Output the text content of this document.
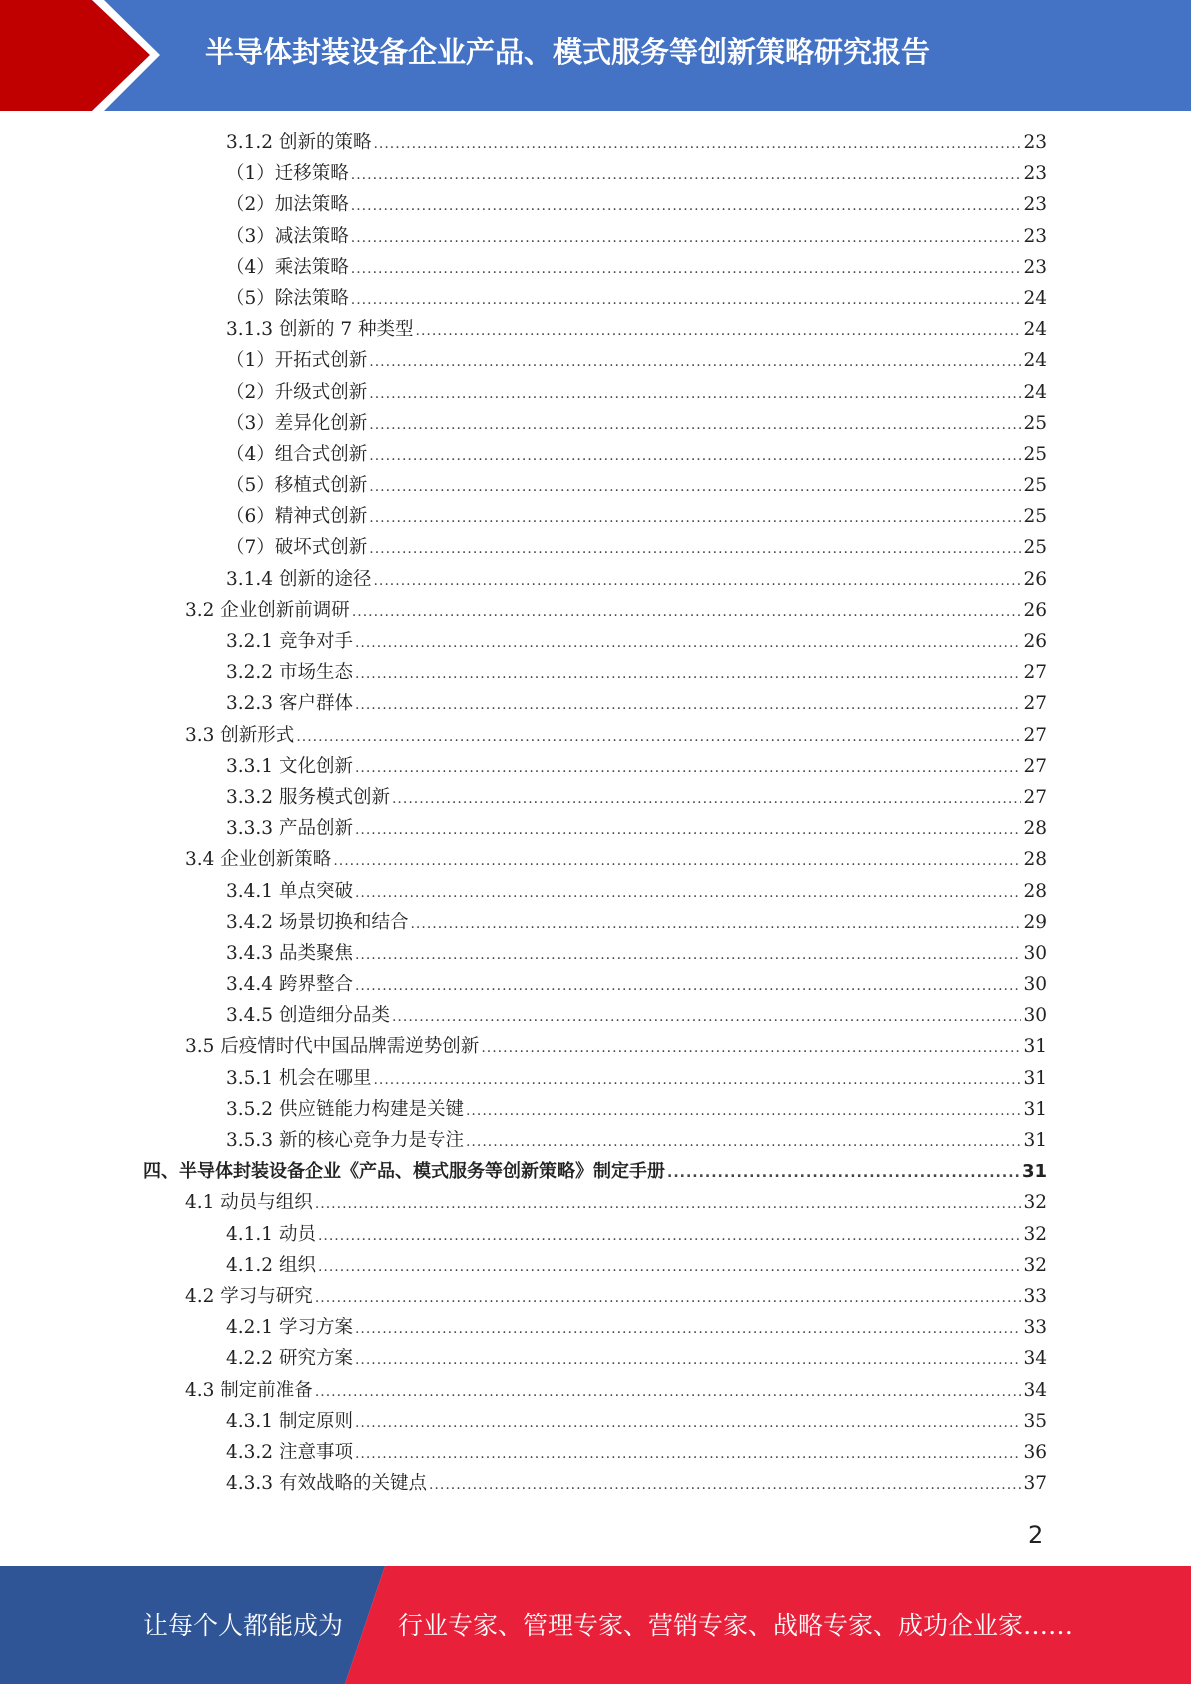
半导体封装设备企业产品、模式服务等创新策略研究报告
3.1.2 创新的策略 .....	23
（1）迁移策略 .....	23
（2）加法策略 .....	23
（3）减法策略 .....	23
（4）乘法策略 .....	23
（5）除法策略 .....	24
3.1.3 创新的 7 种类型 .....	24
（1）开拓式创新 .....	24
（2）升级式创新 .....	24
（3）差异化创新 .....	25
（4）组合式创新 .....	25
（5）移植式创新 .....	25
（6）精神式创新 .....	25
（7）破坏式创新 .....	25
3.1.4 创新的途径 .....	26
3.2 企业创新前调研 .....	26
3.2.1 竞争对手 .....	26
3.2.2 市场生态 .....	27
3.2.3 客户群体 .....	27
3.3 创新形式 .....	27
3.3.1 文化创新 .....	27
3.3.2 服务模式创新 .....	27
3.3.3 产品创新 .....	28
3.4 企业创新策略 .....	28
3.4.1 单点突破 .....	28
3.4.2 场景切换和结合 .....	29
3.4.3 品类聚焦 .....	30
3.4.4 跨界整合 .....	30
3.4.5 创造细分品类 .....	30
3.5 后疫情时代中国品牌需逆势创新 .....	31
3.5.1 机会在哪里 .....	31
3.5.2 供应链能力构建是关键 .....	31
3.5.3 新的核心竞争力是专注 .....	31
四、半导体封装设备企业《产品、模式服务等创新策略》制定手册 .....	31
4.1 动员与组织 .....	32
4.1.1 动员 .....	32
4.1.2 组织 .....	32
4.2 学习与研究 .....	33
4.2.1 学习方案 .....	33
4.2.2 研究方案 .....	34
4.3 制定前准备 .....	34
4.3.1 制定原则 .....	35
4.3.2 注意事项 .....	36
4.3.3 有效战略的关键点 .....	37
2
让每个人都能成为 行业专家、管理专家、营销专家、战略专家、成功企业家……
